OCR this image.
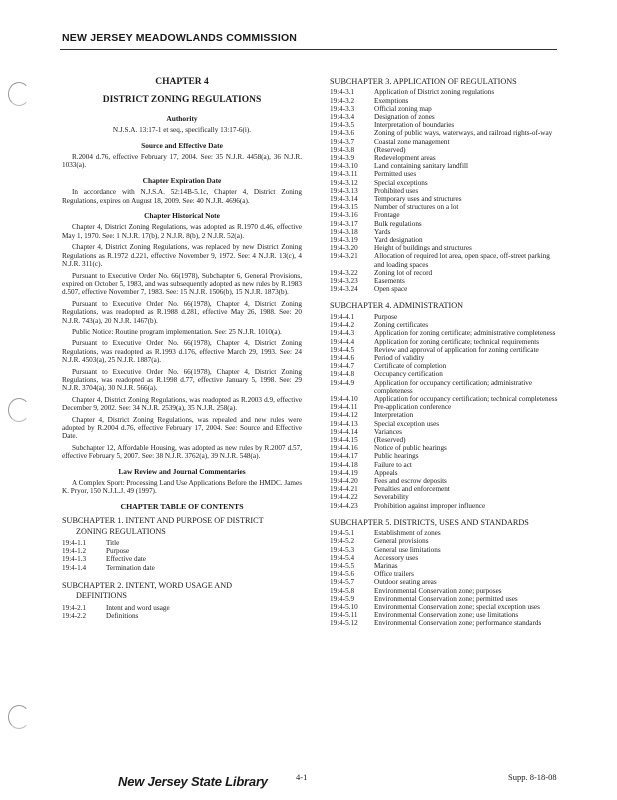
NEW JERSEY MEADOWLANDS COMMISSION
CHAPTER 4
DISTRICT ZONING REGULATIONS
Authority
N.J.S.A. 13:17-1 et seq., specifically 13:17-6(i).
Source and Effective Date
R.2004 d.76, effective February 17, 2004. See: 35 N.J.R. 4458(a), 36 N.J.R. 1033(a).
Chapter Expiration Date
In accordance with N.J.S.A. 52:14B-5.1c, Chapter 4, District Zoning Regulations, expires on August 18, 2009. See: 40 N.J.R. 4696(a).
Chapter Historical Note
Chapter 4, District Zoning Regulations, was adopted as R.1970 d.46, effective May 1, 1970. See: 1 N.J.R. 17(b), 2 N.J.R. 8(b), 2 N.J.R. 52(a).
Chapter 4, District Zoning Regulations, was replaced by new District Zoning Regulations as R.1972 d.221, effective November 9, 1972. See: 4 N.J.R. 13(c), 4 N.J.R. 311(c).
Pursuant to Executive Order No. 66(1978), Subchapter 6, General Provisions, expired on October 5, 1983, and was subsequently adopted as new rules by R.1983 d.507, effective November 7, 1983. See: 15 N.J.R. 1506(b), 15 N.J.R. 1873(b).
Pursuant to Executive Order No. 66(1978), Chapter 4, District Zoning Regulations, was readopted as R.1988 d.281, effective May 26, 1988. See: 20 N.J.R. 743(a), 20 N.J.R. 1467(b).
Public Notice: Routine program implementation. See: 25 N.J.R. 1010(a).
Pursuant to Executive Order No. 66(1978), Chapter 4, District Zoning Regulations, was readopted as R.1993 d.176, effective March 29, 1993. See: 24 N.J.R. 4503(a), 25 N.J.R. 1887(a).
Pursuant to Executive Order No. 66(1978), Chapter 4, District Zoning Regulations, was readopted as R.1998 d.77, effective January 5, 1998. See: 29 N.J.R. 3704(a), 30 N.J.R. 566(a).
Chapter 4, District Zoning Regulations, was readopted as R.2003 d.9, effective December 9, 2002. See: 34 N.J.R. 2539(a), 35 N.J.R. 258(a).
Chapter 4, District Zoning Regulations, was repealed and new rules were adopted by R.2004 d.76, effective February 17, 2004. See: Source and Effective Date.
Subchapter 12, Affordable Housing, was adopted as new rules by R.2007 d.57, effective February 5, 2007. See: 38 N.J.R. 3762(a), 39 N.J.R. 548(a).
Law Review and Journal Commentaries
A Complex Sport: Processing Land Use Applications Before the HMDC. James K. Pryor, 150 N.J.L.J. 49 (1997).
CHAPTER TABLE OF CONTENTS
SUBCHAPTER 1. INTENT AND PURPOSE OF DISTRICT
ZONING REGULATIONS
19:4-1.1	Title
19:4-1.2	Purpose
19:4-1.3	Effective date
19:4-1.4	Termination date
SUBCHAPTER 2. INTENT, WORD USAGE AND
DEFINITIONS
19:4-2.1	Intent and word usage
19:4-2.2	Definitions
SUBCHAPTER 3. APPLICATION OF REGULATIONS
19:4-3.1	Application of District zoning regulations
19:4-3.2	Exemptions
19:4-3.3	Official zoning map
19:4-3.4	Designation of zones
19:4-3.5	Interpretation of boundaries
19:4-3.6	Zoning of public ways, waterways, and railroad rights-of-way
19:4-3.7	Coastal zone management
19:4-3.8	(Reserved)
19:4-3.9	Redevelopment areas
19:4-3.10	Land containing sanitary landfill
19:4-3.11	Permitted uses
19:4-3.12	Special exceptions
19:4-3.13	Prohibited uses
19:4-3.14	Temporary uses and structures
19:4-3.15	Number of structures on a lot
19:4-3.16	Frontage
19:4-3.17	Bulk regulations
19:4-3.18	Yards
19:4-3.19	Yard designation
19:4-3.20	Height of buildings and structures
19:4-3.21	Allocation of required lot area, open space, off-street parking and loading spaces
19:4-3.22	Zoning lot of record
19:4-3.23	Easements
19:4-3.24	Open space
SUBCHAPTER 4. ADMINISTRATION
19:4-4.1	Purpose
19:4-4.2	Zoning certificates
19:4-4.3	Application for zoning certificate; administrative completeness
19:4-4.4	Application for zoning certificate; technical requirements
19:4-4.5	Review and approval of application for zoning certificate
19:4-4.6	Period of validity
19:4-4.7	Certificate of completion
19:4-4.8	Occupancy certification
19:4-4.9	Application for occupancy certification; administrative completeness
19:4-4.10	Application for occupancy certification; technical completeness
19:4-4.11	Pre-application conference
19:4-4.12	Interpretation
19:4-4.13	Special exception uses
19:4-4.14	Variances
19:4-4.15	(Reserved)
19:4-4.16	Notice of public hearings
19:4-4.17	Public hearings
19:4-4.18	Failure to act
19:4-4.19	Appeals
19:4-4.20	Fees and escrow deposits
19:4-4.21	Penalties and enforcement
19:4-4.22	Severability
19:4-4.23	Prohibition against improper influence
SUBCHAPTER 5. DISTRICTS, USES AND STANDARDS
19:4-5.1	Establishment of zones
19:4-5.2	General provisions
19:4-5.3	General use limitations
19:4-5.4	Accessory uses
19:4-5.5	Marinas
19:4-5.6	Office trailers
19:4-5.7	Outdoor seating areas
19:4-5.8	Environmental Conservation zone; purposes
19:4-5.9	Environmental Conservation zone; permitted uses
19:4-5.10	Environmental Conservation zone; special exception uses
19:4-5.11	Environmental Conservation zone; use limitations
19:4-5.12	Environmental Conservation zone; performance standards
New Jersey State Library	4-1	Supp. 8-18-08
